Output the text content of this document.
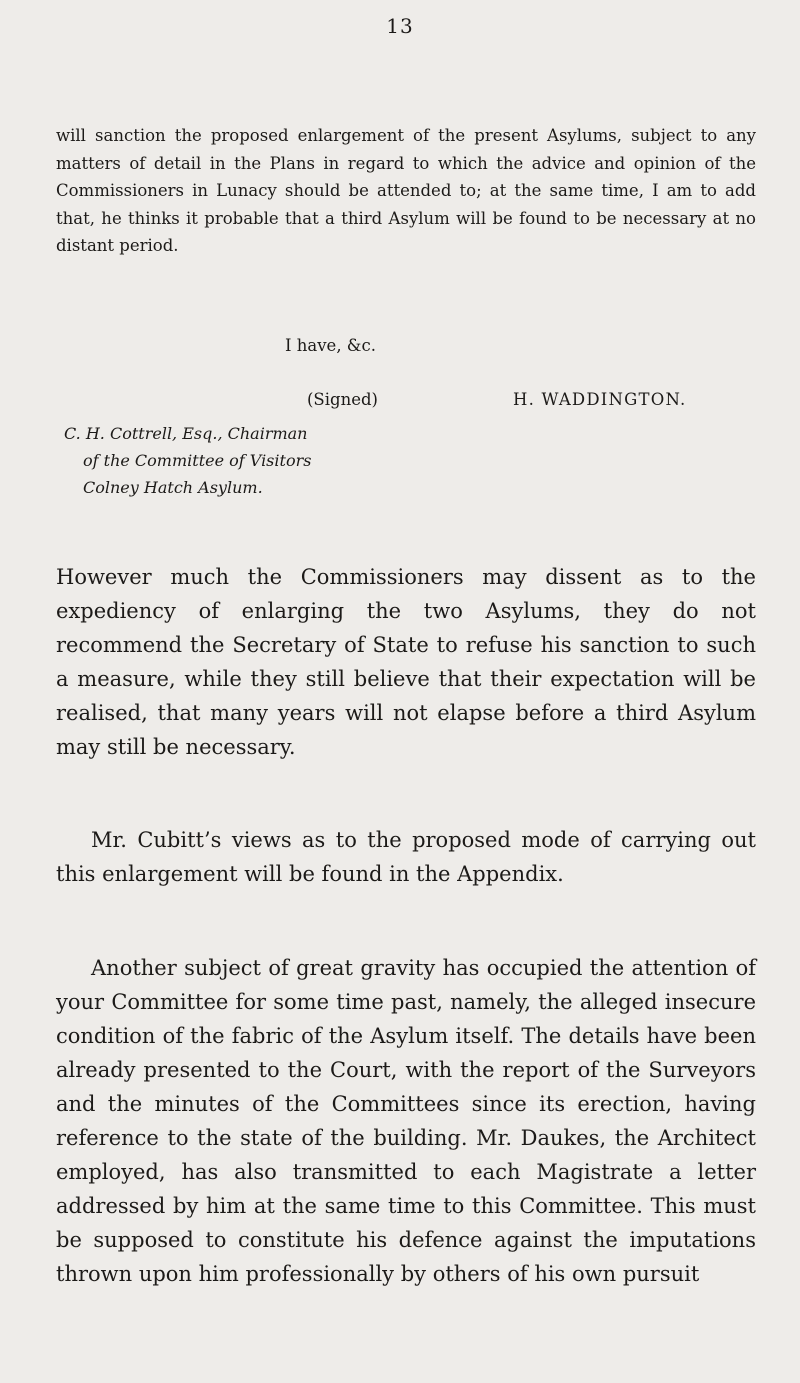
13

will sanction the proposed enlargement of the present Asylums, subject to any matters of detail in the Plans in regard to which the advice and opinion of the Commissioners in Lunacy should be attended to; at the same time, I am to add that, he thinks it probable that a third Asylum will be found to be necessary at no distant period.

I have, &c.

(Signed)	H. WADDINGTON.
C. H. Cottrell, Esq., Chairman
of the Committee of Visitors
Colney Hatch Asylum.

However much the Commissioners may dissent as to the expediency of enlarging the two Asylums, they do not recommend the Secretary of State to refuse his sanction to such a measure, while they still believe that their expectation will be realised, that many years will not elapse before a third Asylum may still be necessary.

Mr. Cubitt’s views as to the proposed mode of carrying out this enlargement will be found in the Appendix.

Another subject of great gravity has occupied the attention of your Committee for some time past, namely, the alleged insecure condition of the fabric of the Asylum itself. The details have been already presented to the Court, with the report of the Surveyors and the minutes of the Committees since its erection, having reference to the state of the building. Mr. Daukes, the Architect employed, has also transmitted to each Magistrate a letter addressed by him at the same time to this Committee. This must be supposed to constitute his defence against the imputations thrown upon him professionally by others of his own pursuit
